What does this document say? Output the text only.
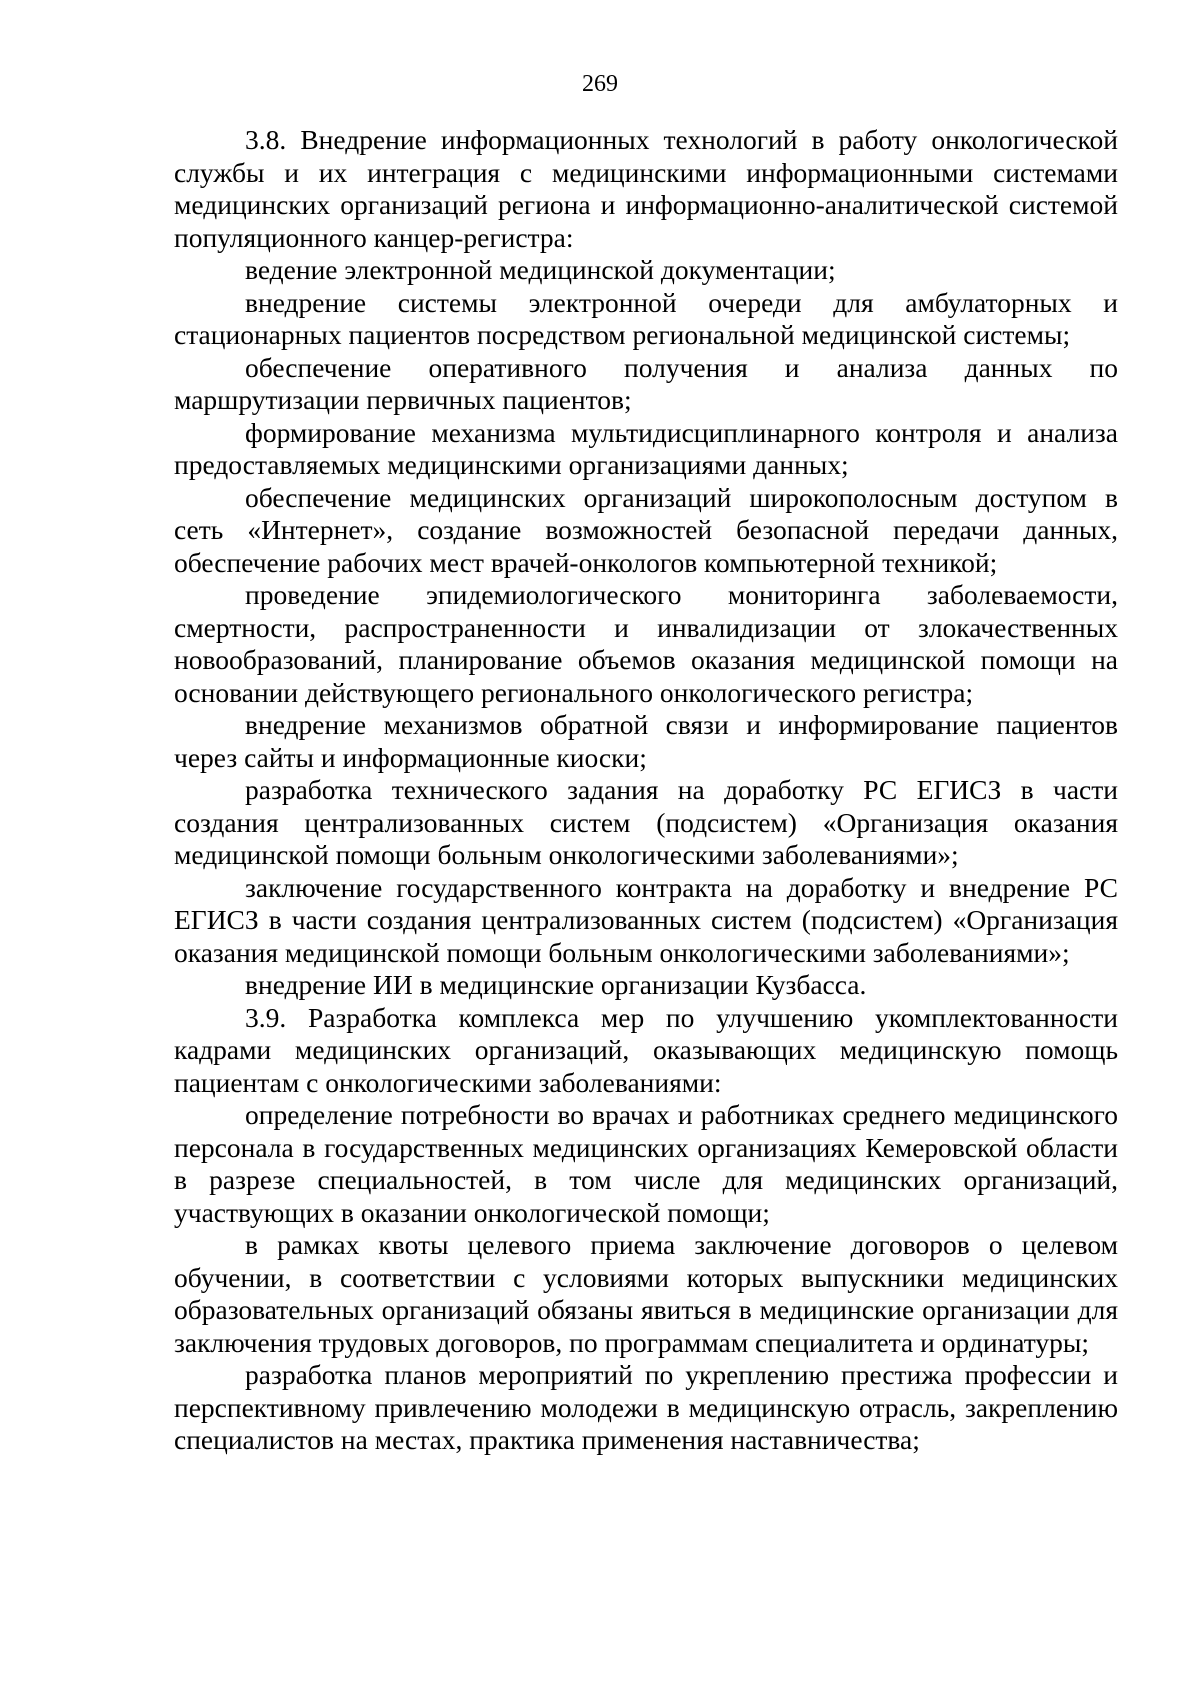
269

3.8. Внедрение информационных технологий в работу онкологической службы и их интеграция с медицинскими информационными системами медицинских организаций региона и информационно-аналитической системой популяционного канцер-регистра:

ведение электронной медицинской документации;

внедрение системы электронной очереди для амбулаторных и стационарных пациентов посредством региональной медицинской системы;

обеспечение оперативного получения и анализа данных по маршрутизации первичных пациентов;

формирование механизма мультидисциплинарного контроля и анализа предоставляемых медицинскими организациями данных;

обеспечение медицинских организаций широкополосным доступом в сеть «Интернет», создание возможностей безопасной передачи данных, обеспечение рабочих мест врачей-онкологов компьютерной техникой;

проведение эпидемиологического мониторинга заболеваемости, смертности, распространенности и инвалидизации от злокачественных новообразований, планирование объемов оказания медицинской помощи на основании действующего регионального онкологического регистра;

внедрение механизмов обратной связи и информирование пациентов через сайты и информационные киоски;

разработка технического задания на доработку РС ЕГИСЗ в части создания централизованных систем (подсистем) «Организация оказания медицинской помощи больным онкологическими заболеваниями»;

заключение государственного контракта на доработку и внедрение РС ЕГИСЗ в части создания централизованных систем (подсистем) «Организация оказания медицинской помощи больным онкологическими заболеваниями»;

внедрение ИИ в медицинские организации Кузбасса.

3.9. Разработка комплекса мер по улучшению укомплектованности кадрами медицинских организаций, оказывающих медицинскую помощь пациентам с онкологическими заболеваниями:

определение потребности во врачах и работниках среднего медицинского персонала в государственных медицинских организациях Кемеровской области в разрезе специальностей, в том числе для медицинских организаций, участвующих в оказании онкологической помощи;

в рамках квоты целевого приема заключение договоров о целевом обучении, в соответствии с условиями которых выпускники медицинских образовательных организаций обязаны явиться в медицинские организации для заключения трудовых договоров, по программам специалитета и ординатуры;

разработка планов мероприятий по укреплению престижа профессии и перспективному привлечению молодежи в медицинскую отрасль, закреплению специалистов на местах, практика применения наставничества;
